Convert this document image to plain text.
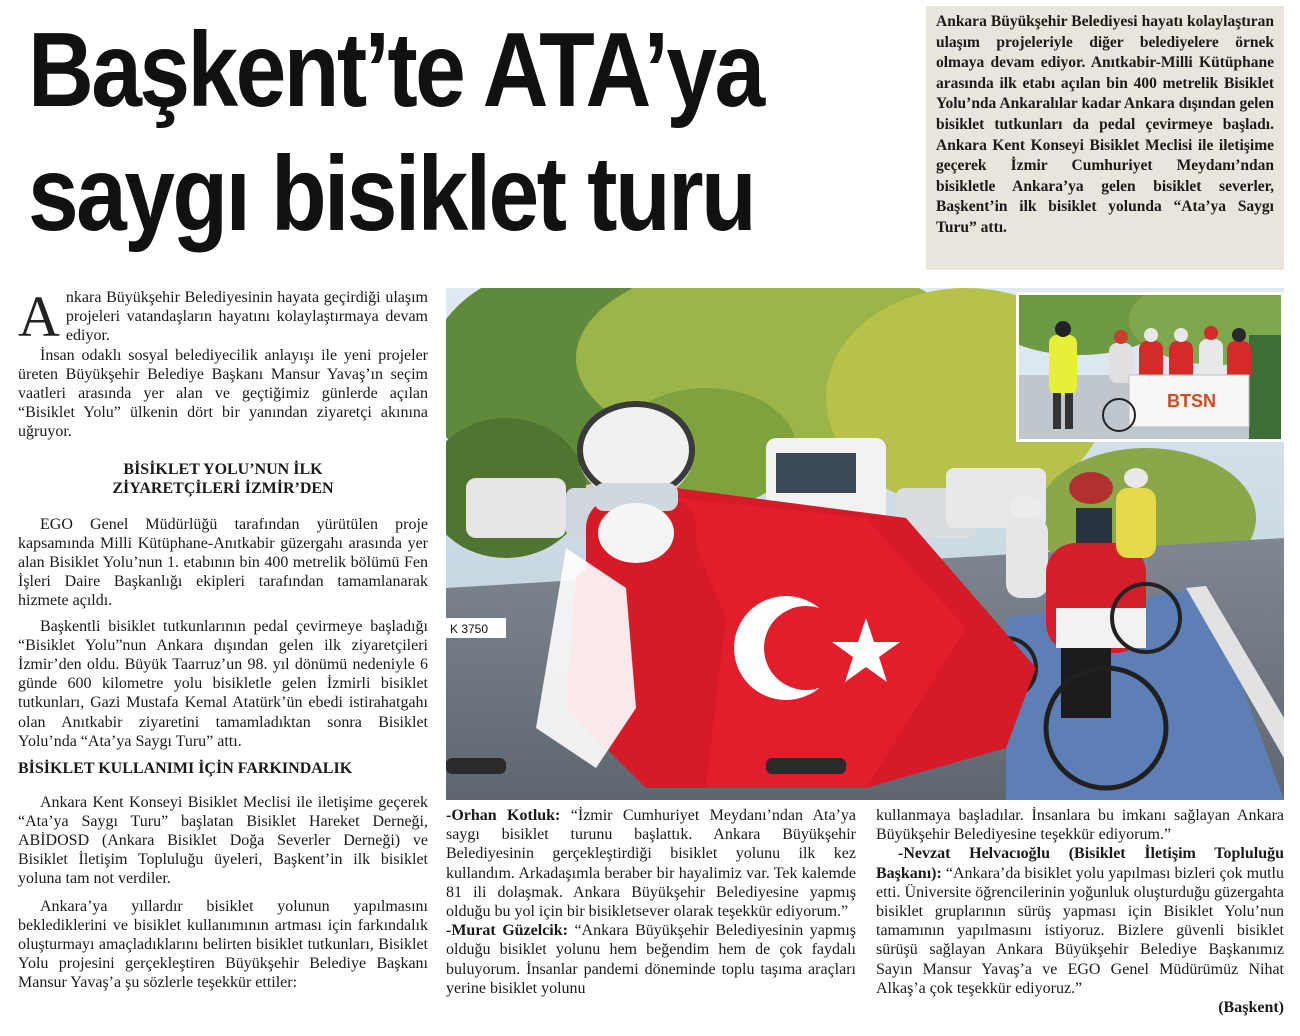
Başkent’te ATA’ya
saygı bisiklet turu
Ankara Büyükşehir Belediyesi hayatı kolaylaştıran ulaşım projeleriyle diğer belediyelere örnek olmaya devam ediyor. Anıtkabir-Milli Kütüphane arasında ilk etabı açılan bin 400 metrelik Bisiklet Yolu’nda Ankaralılar kadar Ankara dışından gelen bisiklet tutkunları da pedal çevirmeye başladı. Ankara Kent Konseyi Bisiklet Meclisi ile iletişime geçerek İzmir Cumhuriyet Meydanı’ndan bisikletle Ankara’ya gelen bisiklet severler, Başkent’in ilk bisiklet yolunda “Ata’ya Saygı Turu” attı.

Ankara Büyükşehir Belediyesinin hayata geçirdiği ulaşım projeleri vatandaşların hayatını kolaylaştırmaya devam ediyor.

İnsan odaklı sosyal belediyecilik anlayışı ile yeni projeler üreten Büyükşehir Belediye Başkanı Mansur Yavaş’ın seçim vaatleri arasında yer alan ve geçtiğimiz günlerde açılan “Bisiklet Yolu” ülkenin dört bir yanından ziyaretçi akınına uğruyor.

BİSİKLET YOLU’NUN İLK
ZİYARETÇİLERİ İZMİR’DEN

EGO Genel Müdürlüğü tarafından yürütülen proje kapsamında Milli Kütüphane-Anıtkabir güzergahı arasında yer alan Bisiklet Yolu’nun 1. etabının bin 400 metrelik bölümü Fen İşleri Daire Başkanlığı ekipleri tarafından tamamlanarak hizmete açıldı.

Başkentli bisiklet tutkunlarının pedal çevirmeye başladığı “Bisiklet Yolu”nun Ankara dışından gelen ilk ziyaretçileri İzmir’den oldu. Büyük Taarruz’un 98. yıl dönümü nedeniyle 6 günde 600 kilometre yolu bisikletle gelen İzmirli bisiklet tutkunları, Gazi Mustafa Kemal Atatürk’ün ebedi istirahatgahı olan Anıtkabir ziyaretini tamamladıktan sonra Bisiklet Yolu’nda “Ata’ya Saygı Turu” attı.

BİSİKLET KULLANIMI İÇİN FARKINDALIK

Ankara Kent Konseyi Bisiklet Meclisi ile iletişime geçerek “Ata’ya Saygı Turu” başlatan Bisiklet Hareket Derneği, ABİDOSD (Ankara Bisiklet Doğa Severler Derneği) ve Bisiklet İletişim Topluluğu üyeleri, Başkent’in ilk bisiklet yoluna tam not verdiler.

Ankara’ya yıllardır bisiklet yolunun yapılmasını beklediklerini ve bisiklet kullanımının artması için farkındalık oluşturmayı amaçladıklarını belirten bisiklet tutkunları, Bisiklet Yolu projesini gerçekleştiren Büyükşehir Belediye Başkanı Mansur Yavaş’a şu sözlerle teşekkür ettiler:

K 3750
BTSN

-Orhan Kotluk: “İzmir Cumhuriyet Meydanı’ndan Ata’ya saygı bisiklet turunu başlattık. Ankara Büyükşehir Belediyesinin gerçekleştirdiği bisiklet yolunu ilk kez kullandım. Arkadaşımla beraber bir hayalimiz var. Tek kalemde 81 ili dolaşmak. Ankara Büyükşehir Belediyesine yapmış olduğu bu yol için bir bisikletsever olarak teşekkür ediyorum.”

-Murat Güzelcik: “Ankara Büyükşehir Belediyesinin yapmış olduğu bisiklet yolunu hem beğendim hem de çok faydalı buluyorum. İnsanlar pandemi döneminde toplu taşıma araçları yerine bisiklet yolunu

kullanmaya başladılar. İnsanlara bu imkanı sağlayan Ankara Büyükşehir Belediyesine teşekkür ediyorum.”

-Nevzat Helvacıoğlu (Bisiklet İletişim Topluluğu Başkanı): “Ankara’da bisiklet yolu yapılması bizleri çok mutlu etti. Üniversite öğrencilerinin yoğunluk oluşturduğu güzergahta bisiklet gruplarının sürüş yapması için Bisiklet Yolu’nun tamamının yapılmasını istiyoruz. Bizlere güvenli bisiklet sürüşü sağlayan Ankara Büyükşehir Belediye Başkanımız Sayın Mansur Yavaş’a ve EGO Genel Müdürümüz Nihat Alkaş’a çok teşekkür ediyoruz.”

(Başkent)
